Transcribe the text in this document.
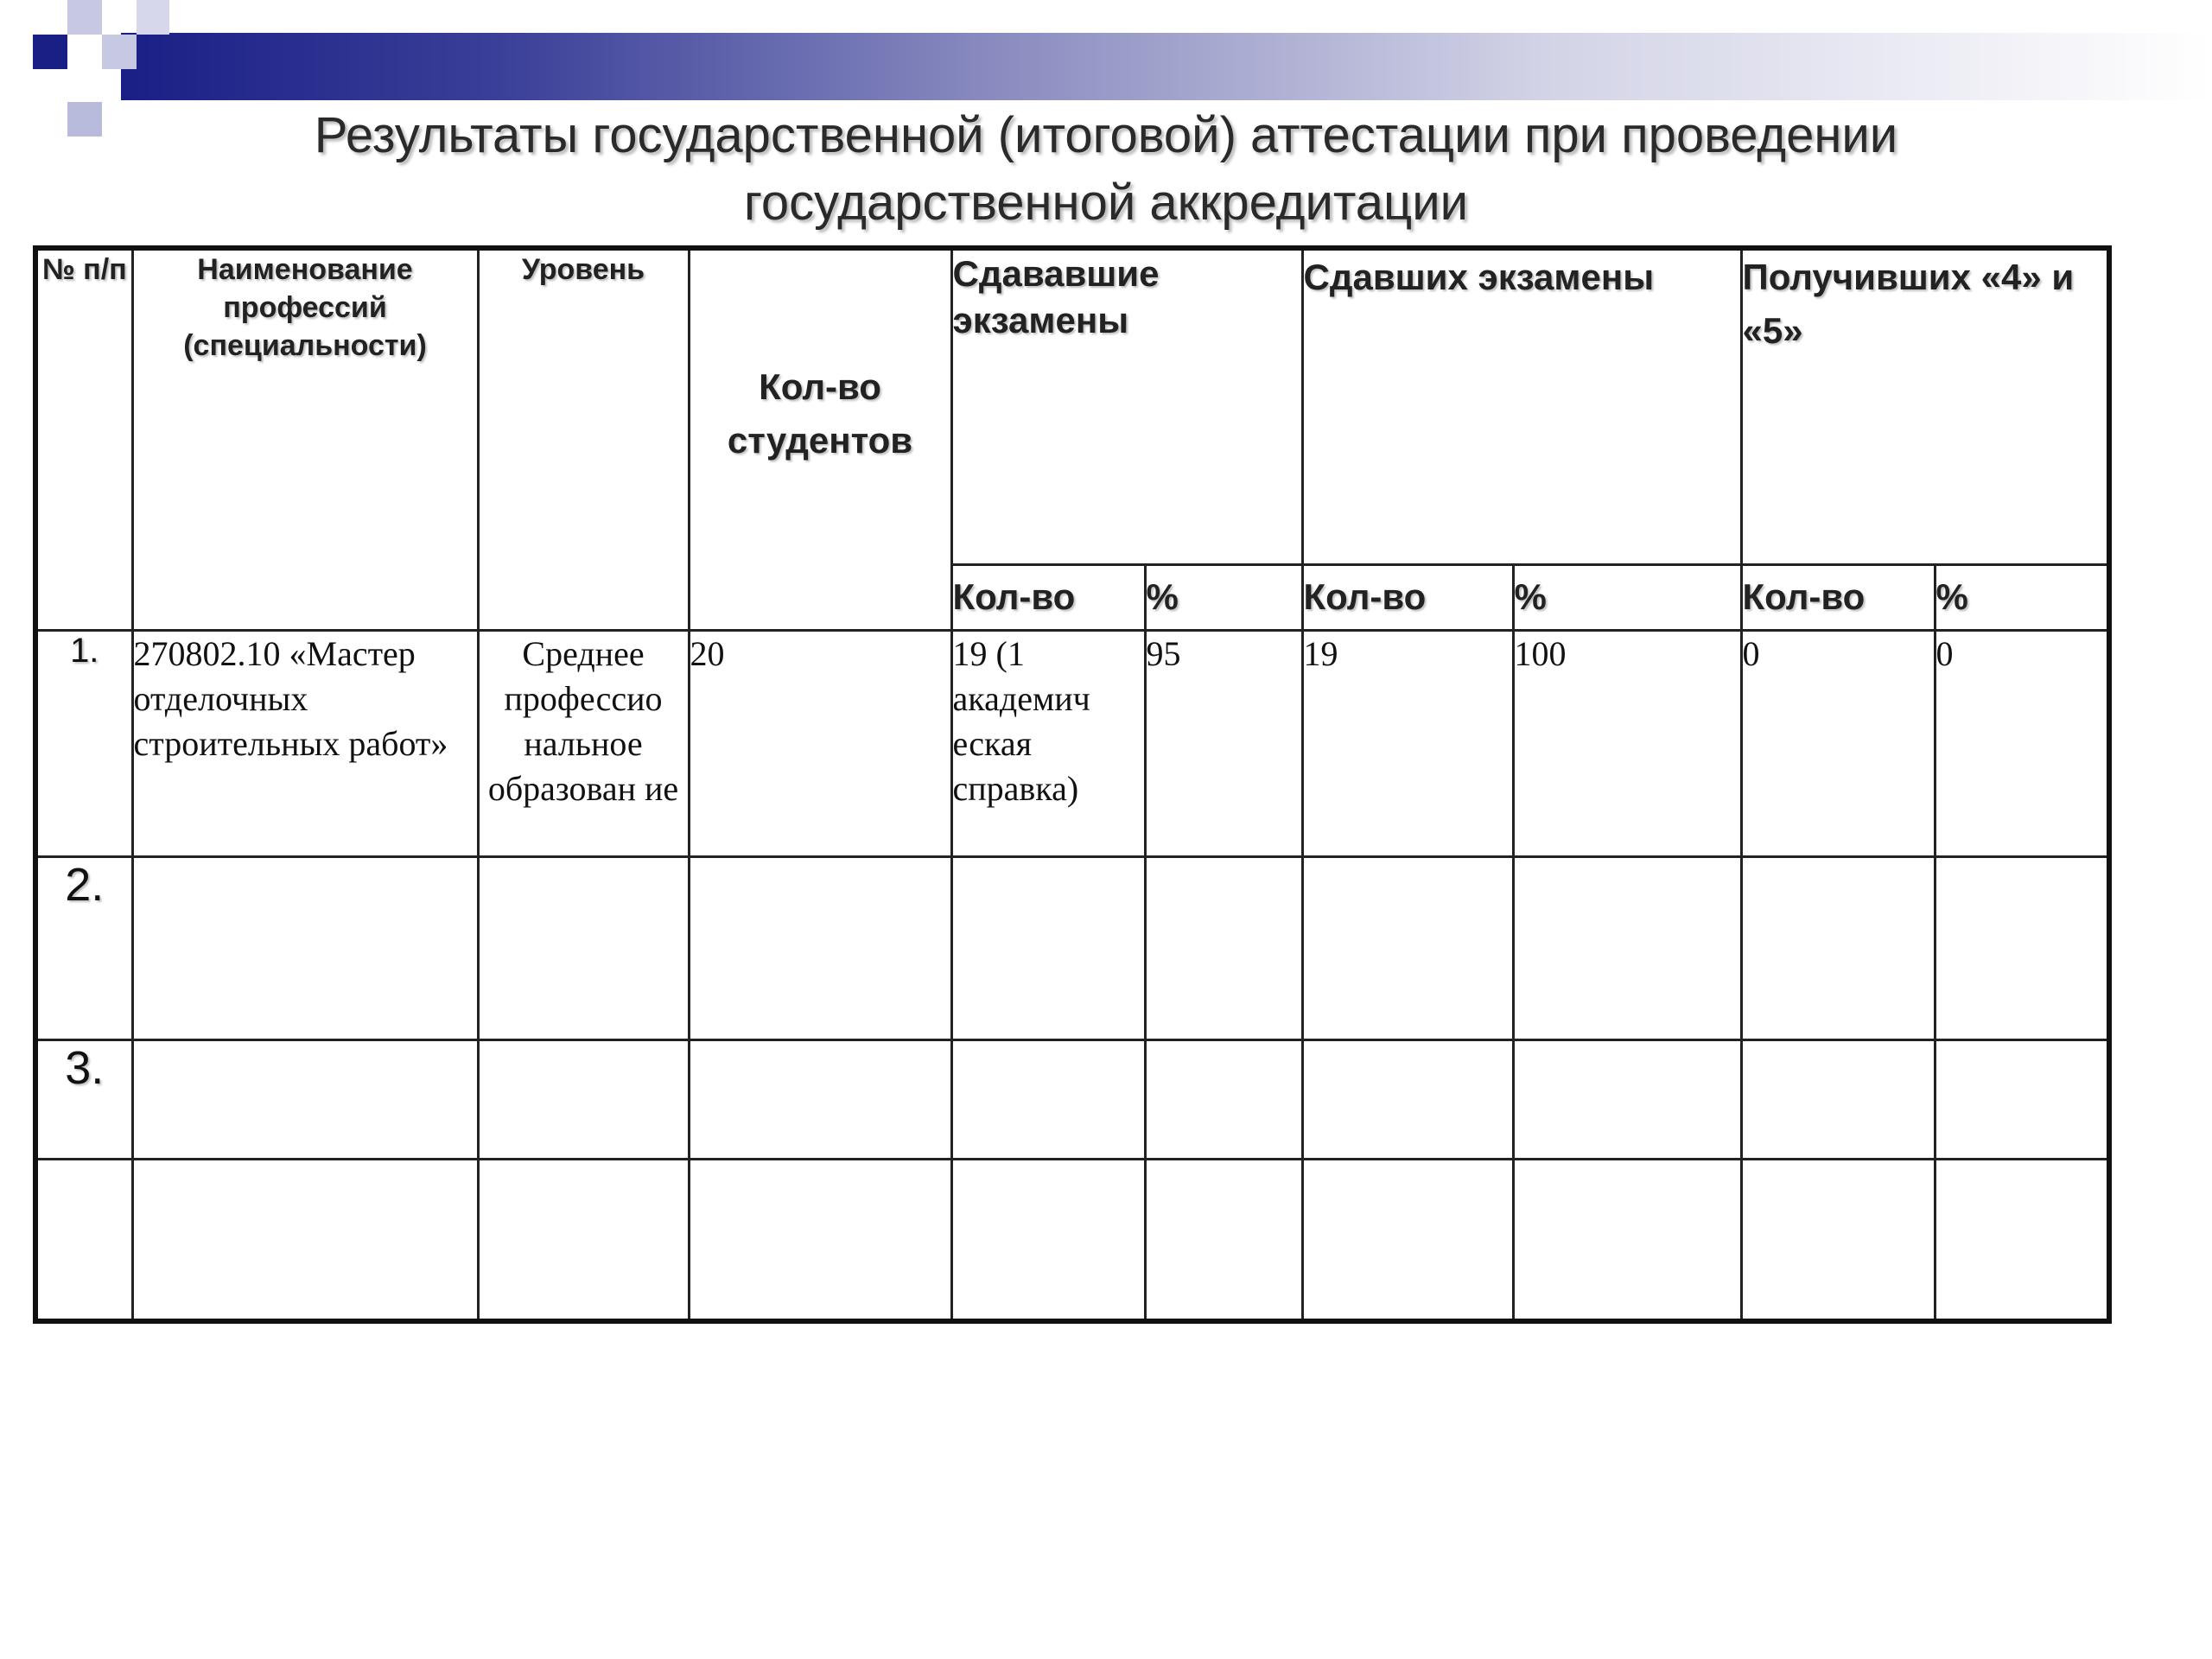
Результаты государственной (итоговой) аттестации при проведении
государственной аккредитации
№ п/п	Наименование профессий (специальности)	Уровень	Кол-во студентов	Сдававшие экзамены		Сдавших экзамены		Получивших «4» и «5»	
				Кол-во	%	Кол-во	%	Кол-во	%
1.	270802.10 «Мастер отделочных строительных работ»	Среднее профессио нальное образован ие	20	19 (1 академич еская справка)	95	19	100	0	0
2.									
3.									
